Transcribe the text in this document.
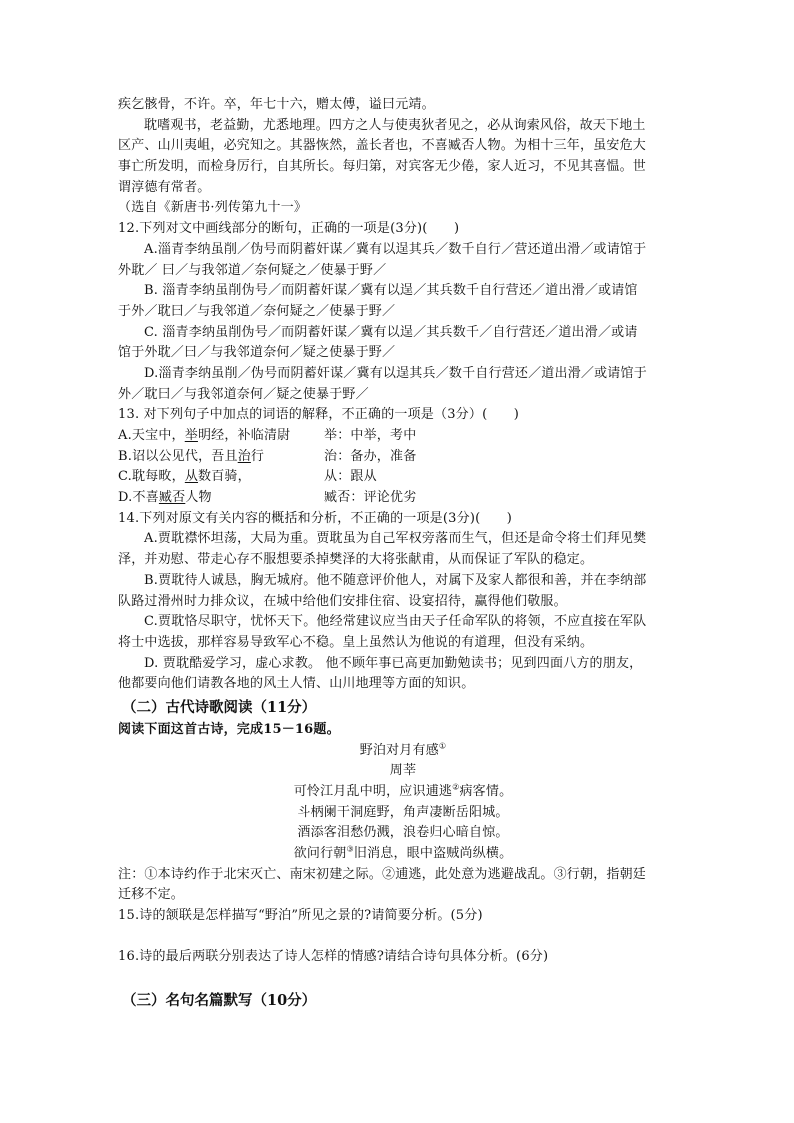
疾乞骸骨，不许。卒，年七十六，赠太傅，谥曰元靖。
耽嗜观书，老益勤，尤悉地理。四方之人与使夷狄者见之，必从询索风俗，故天下地土
区产、山川夷岨，必究知之。其器恢然，盖长者也，不喜臧否人物。为相十三年，虽安危大
事亡所发明，而检身厉行，自其所长。每归第，对宾客无少倦，家人近习，不见其喜愠。世
谓淳德有常者。
（选自《新唐书·列传第九十一》
12.下列对文中画线部分的断句，正确的一项是(3分)(　　)
A.淄青李纳虽削／伪号而阴蓄奸谋／冀有以逞其兵／数千自行／营还道出滑／或请馆于
外耽／ 曰／与我邻道／奈何疑之／使暴于野／
B. 淄青李纳虽削伪号／而阴蓄奸谋／冀有以逞／其兵数千自行营还／道出滑／或请馆
于外／耽曰／与我邻道／奈何疑之／使暴于野／
C. 淄青李纳虽削伪号／而阴蓄奸谋／冀有以逞／其兵数千／自行营还／道出滑／或请
馆于外耽／曰／与我邻道奈何／疑之使暴于野／
D.淄青李纳虽削／伪号而阴蓄奸谋／冀有以逞其兵／数千自行营还／道出滑／或请馆于
外／耽曰／与我邻道奈何／疑之使暴于野／
13. 对下列句子中加点的词语的解释，不正确的一项是（3分）(　　)
A.天宝中，举明经，补临清尉	举：中举，考中
B.诏以公见代，吾且治行	治：备办，准备
C.耽每畋，从数百骑，	从：跟从
D.不喜臧否人物	臧否：评论优劣
14.下列对原文有关内容的概括和分析，不正确的一项是(3分)(　　)
A.贾耽襟怀坦荡，大局为重。贾耽虽为自己军权旁落而生气，但还是命令将士们拜见樊
泽，并劝慰、带走心存不服想要杀掉樊泽的大将张献甫，从而保证了军队的稳定。
B.贾耽待人诚恳，胸无城府。他不随意评价他人，对属下及家人都很和善，并在李纳部
队路过滑州时力排众议，在城中给他们安排住宿、设宴招待，赢得他们敬服。
C.贾耽恪尽职守，忧怀天下。他经常建议应当由天子任命军队的将领，不应直接在军队
将士中选拔，那样容易导致军心不稳。皇上虽然认为他说的有道理，但没有采纳。
D. 贾耽酷爱学习，虚心求教。 他不顾年事已高更加勤勉读书；见到四面八方的朋友，
他都要向他们请教各地的风土人情、山川地理等方面的知识。
（二）古代诗歌阅读（11分）
阅读下面这首古诗，完成15－16题。
野泊对月有感①
周莘
可怜江月乱中明，应识逋逃②病客情。
斗柄阑干洞庭野，角声凄断岳阳城。
酒添客泪愁仍溅，浪卷归心暗自惊。
欲问行朝③旧消息，眼中盗贼尚纵横。
注：①本诗约作于北宋灭亡、南宋初建之际。②逋逃，此处意为逃避战乱。③行朝，指朝廷
迁移不定。
15.诗的颔联是怎样描写“野泊”所见之景的?请简要分析。(5分)
16.诗的最后两联分别表达了诗人怎样的情感?请结合诗句具体分析。(6分)
（三）名句名篇默写（10分）
